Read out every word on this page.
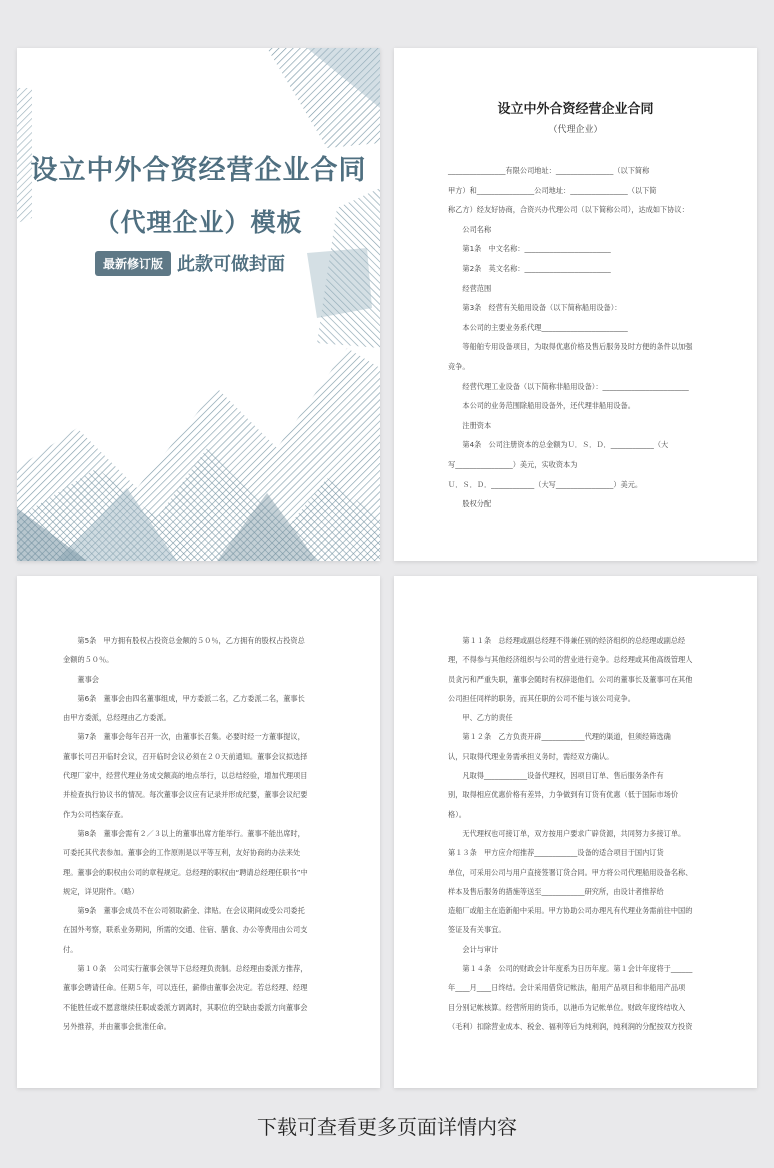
设立中外合资经营企业合同
（代理企业）模板
最新修订版 此款可做封面
设立中外合资经营企业合同
（代理企业）
________________有限公司地址：________________（以下简称
甲方）和________________公司地址：________________（以下简
称乙方）经友好协商，合资兴办代理公司（以下简称公司），达成如下协议：
　　公司名称
　　第1条　中文名称：________________________
　　第2条　英文名称：________________________
　　经营范围
　　第3条　经营有关船用设备（以下简称船用设备）：
　　本公司的主要业务系代理________________________
　　等船舶专用设备项目，为取得优惠价格及售后服务及时方便的条件以加强
竞争。
　　经营代理工业设备（以下简称非船用设备）：________________________
　　本公司的业务范围除船用设备外，还代理非船用设备。
　　注册资本
　　第4条　公司注册资本的总金额为Ｕ．Ｓ．Ｄ．____________（大
写________________）美元，实收资本为
Ｕ．Ｓ．Ｄ．____________（大写________________）美元。
　　股权分配
　　第5条　甲方拥有股权占投资总金额的５０％，乙方拥有的股权占投资总
金额的５０％。
　　董事会
　　第6条　董事会由四名董事组成，甲方委派二名，乙方委派二名，董事长
由甲方委派，总经理由乙方委派。
　　第7条　董事会每年召开一次，由董事长召集。必要时经一方董事提议，
董事长可召开临时会议，召开临时会议必须在２０天前通知。董事会议拟选择
代理厂家中，经营代理业务成交额高的地点举行，以总结经验，增加代理项目
并检查执行协议书的情况。每次董事会议应有记录并形成纪要，董事会议纪要
作为公司档案存查。
　　第8条　董事会需有２／３以上的董事出席方能举行。董事不能出席时，
可委托其代表参加。董事会的工作原则是以平等互利，友好协商的办法来处
理。董事会的职权由公司的章程规定。总经理的职权由“聘请总经理任职书”中
规定，详见附件。（略）
　　第9条　董事会成员不在公司领取薪金、津贴。在会议期间或受公司委托
在国外考察，联系业务期间，所需的交通、住宿、膳食、办公等费用由公司支
付。
　　第１０条　公司实行董事会领导下总经理负责制。总经理由委派方推荐，
董事会聘请任命。任期５年，可以连任，薪俸由董事会决定。若总经理、经理
不能胜任或不愿意继续任职或委派方调离时，其职位的空缺由委派方向董事会
另外推荐，并由董事会批准任命。
　　第１１条　总经理或副总经理不得兼任别的经济组织的总经理或副总经
理，不得参与其他经济组织与公司的营业进行竞争。总经理或其他高级管理人
员贪污和严重失职，董事会随时有权辞退他们。公司的董事长及董事可在其他
公司担任同样的职务，而其任职的公司不能与该公司竞争。
　　甲、乙方的责任
　　第１２条　乙方负责开辟____________代理的渠道，但须经筛选确
认，只取得代理业务需承担义务时，需经双方确认。
　　凡取得____________设备代理权，因项目订单、售后服务条件有
别，取得相应优惠价格有差异，力争做到有订货有优惠（低于国际市场价
格）。
　　无代理权也可接订单，双方按用户要求广辟货源，共同努力多接订单。
第１３条　甲方应介绍推荐____________设备的适合项目于国内订货
单位，可采用公司与用户直接签署订货合同。甲方将公司代理船用设备名称、
样本及售后服务的措施等送至____________研究所，由设计者推荐给
造船厂或船主在造新船中采用。甲方协助公司办理凡有代理业务需前往中国的
签证及有关事宜。
　　会计与审计
　　第１４条　公司的财政会计年度系为日历年度。第１会计年度将于______
年____月____日终结。会计采用借贷记帐法，船用产品项目和非船用产品项
目分别记帐核算。经营所用的货币，以港币为记帐单位。财政年度终结收入
（毛利）扣除营业成本、税金、福利等后为纯利润，纯利润的分配按双方投资
下载可查看更多页面详情内容
